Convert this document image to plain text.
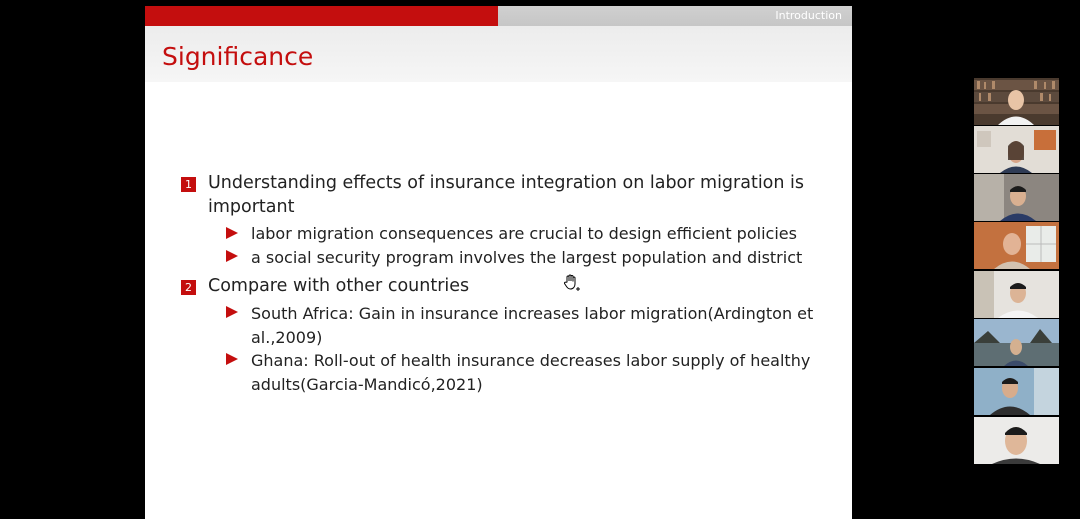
Introduction
Significance
1 Understanding effects of insurance integration on labor migration is
important
labor migration consequences are crucial to design efficient policies
a social security program involves the largest population and district
2 Compare with other countries
South Africa: Gain in insurance increases labor migration(Ardington et
al.,2009)
Ghana: Roll-out of health insurance decreases labor supply of healthy
adults(Garcia-Mandicó,2021)
